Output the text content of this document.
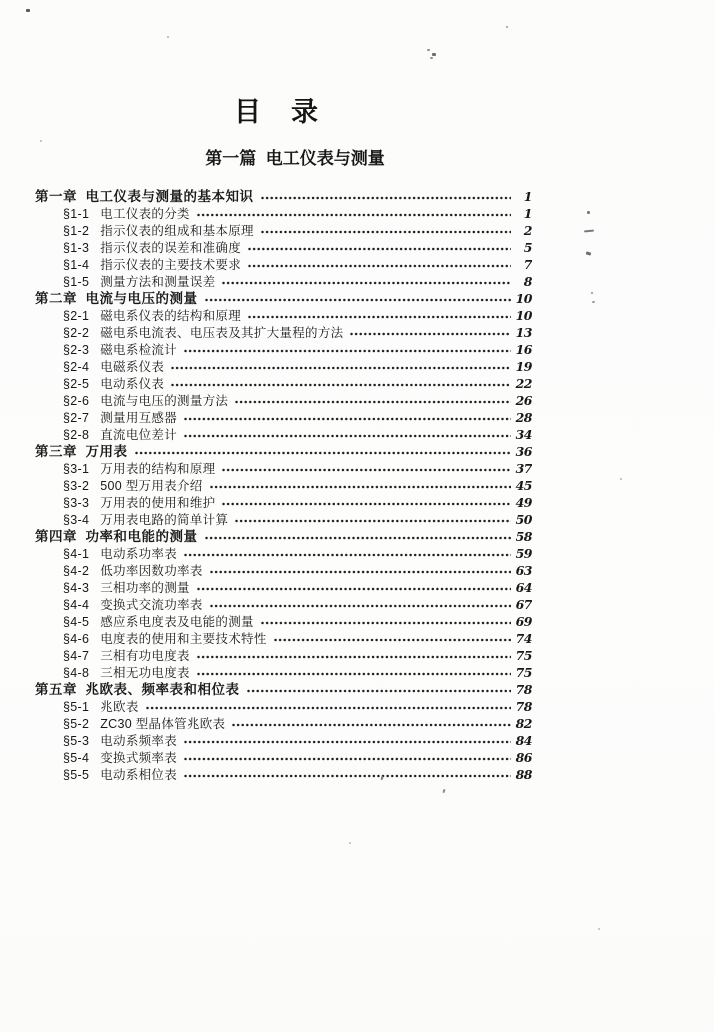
目    录
第一篇  电工仪表与测量
第一章  电工仪表与测量的基本知识	1
§1-1 电工仪表的分类	1
§1-2 指示仪表的组成和基本原理	2
§1-3 指示仪表的误差和准确度	5
§1-4 指示仪表的主要技术要求	7
§1-5 测量方法和测量误差	8
第二章  电流与电压的测量	10
§2-1 磁电系仪表的结构和原理	10
§2-2 磁电系电流表、电压表及其扩大量程的方法	13
§2-3 磁电系检流计	16
§2-4 电磁系仪表	19
§2-5 电动系仪表	22
§2-6 电流与电压的测量方法	26
§2-7 测量用互感器	28
§2-8 直流电位差计	34
第三章  万用表	36
§3-1 万用表的结构和原理	37
§3-2 500 型万用表介绍	45
§3-3 万用表的使用和维护	49
§3-4 万用表电路的简单计算	50
第四章  功率和电能的测量	58
§4-1 电动系功率表	59
§4-2 低功率因数功率表	63
§4-3 三相功率的测量	64
§4-4 变换式交流功率表	67
§4-5 感应系电度表及电能的测量	69
§4-6 电度表的使用和主要技术特性	74
§4-7 三相有功电度表	75
§4-8 三相无功电度表	75
第五章  兆欧表、频率表和相位表	78
§5-1 兆欧表	78
§5-2 ZC30 型晶体管兆欧表	82
§5-3 电动系频率表	84
§5-4 变换式频率表	86
§5-5 电动系相位表	88
